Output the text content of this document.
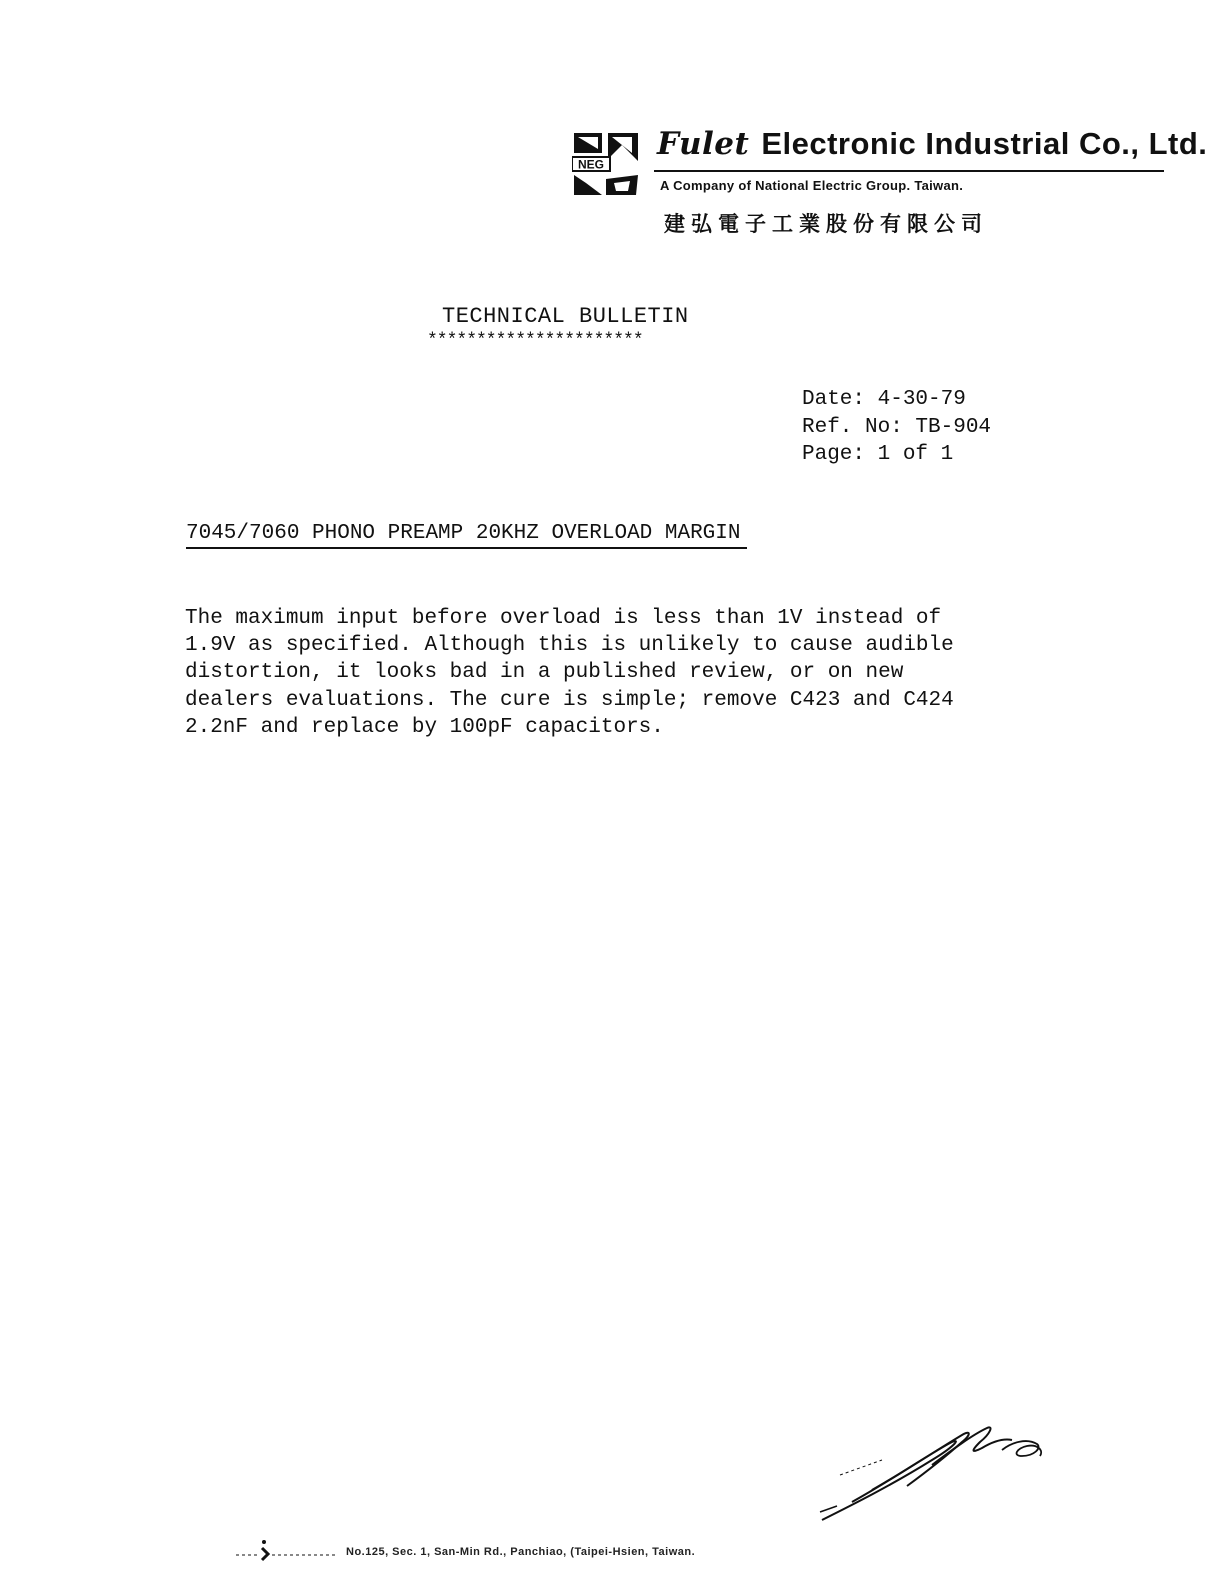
NEG
Fulet Electronic Industrial Co., Ltd.
A Company of National Electric Group. Taiwan.
建弘電子工業股份有限公司
TECHNICAL BULLETIN
**********************
Date: 4-30-79
Ref. No: TB-904
Page: 1 of 1
7045/7060 PHONO PREAMP 20KHZ OVERLOAD MARGIN
The maximum input before overload is less than 1V instead of
1.9V as specified. Although this is unlikely to cause audible
distortion, it looks bad in a published review, or on new
dealers evaluations. The cure is simple; remove C423 and C424
2.2nF and replace by 100pF capacitors.
No.125, Sec. 1, San-Min Rd., Panchiao, (Taipei-Hsien, Taiwan.
